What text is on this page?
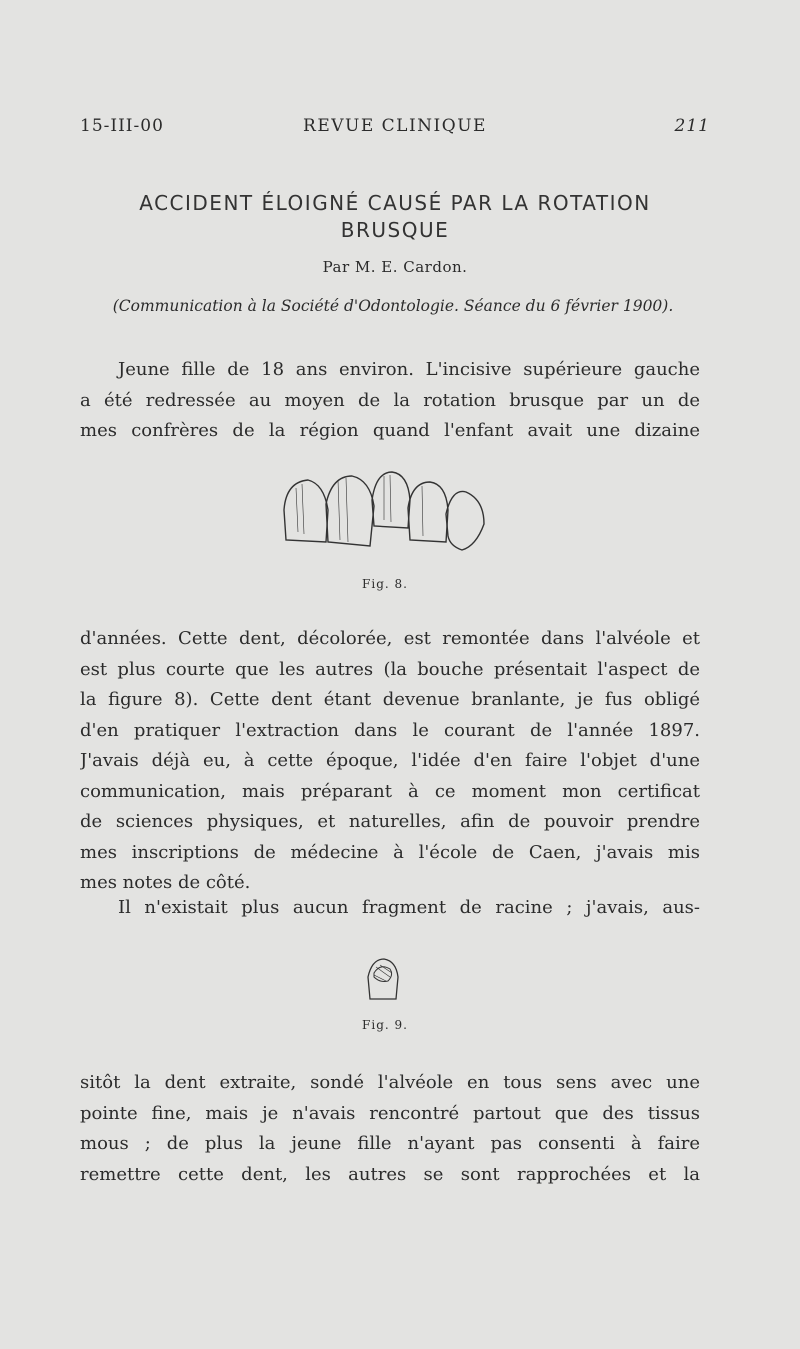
15-III-00	REVUE CLINIQUE	211
ACCIDENT ÉLOIGNÉ CAUSÉ PAR LA ROTATION
BRUSQUE
Par M. E. Cardon.
(Communication à la Société d'Odontologie. Séance du 6 février 1900).
Jeune fille de 18 ans environ. L'incisive supérieure gauche
a été redressée au moyen de la rotation brusque par un de
mes confrères de la région quand l'enfant avait une dizaine
Fig. 8.
d'années. Cette dent, décolorée, est remontée dans l'alvéole et
est plus courte que les autres (la bouche présentait l'aspect de
la figure 8). Cette dent étant devenue branlante, je fus obligé
d'en pratiquer l'extraction dans le courant de l'année 1897.
J'avais déjà eu, à cette époque, l'idée d'en faire l'objet d'une
communication, mais préparant à ce moment mon certificat
de sciences physiques, et naturelles, afin de pouvoir prendre
mes inscriptions de médecine à l'école de Caen, j'avais mis
mes notes de côté.
Il n'existait plus aucun fragment de racine ; j'avais, aus-
Fig. 9.
sitôt la dent extraite, sondé l'alvéole en tous sens avec une
pointe fine, mais je n'avais rencontré partout que des tissus
mous ; de plus la jeune fille n'ayant pas consenti à faire
remettre cette dent, les autres se sont rapprochées et la
